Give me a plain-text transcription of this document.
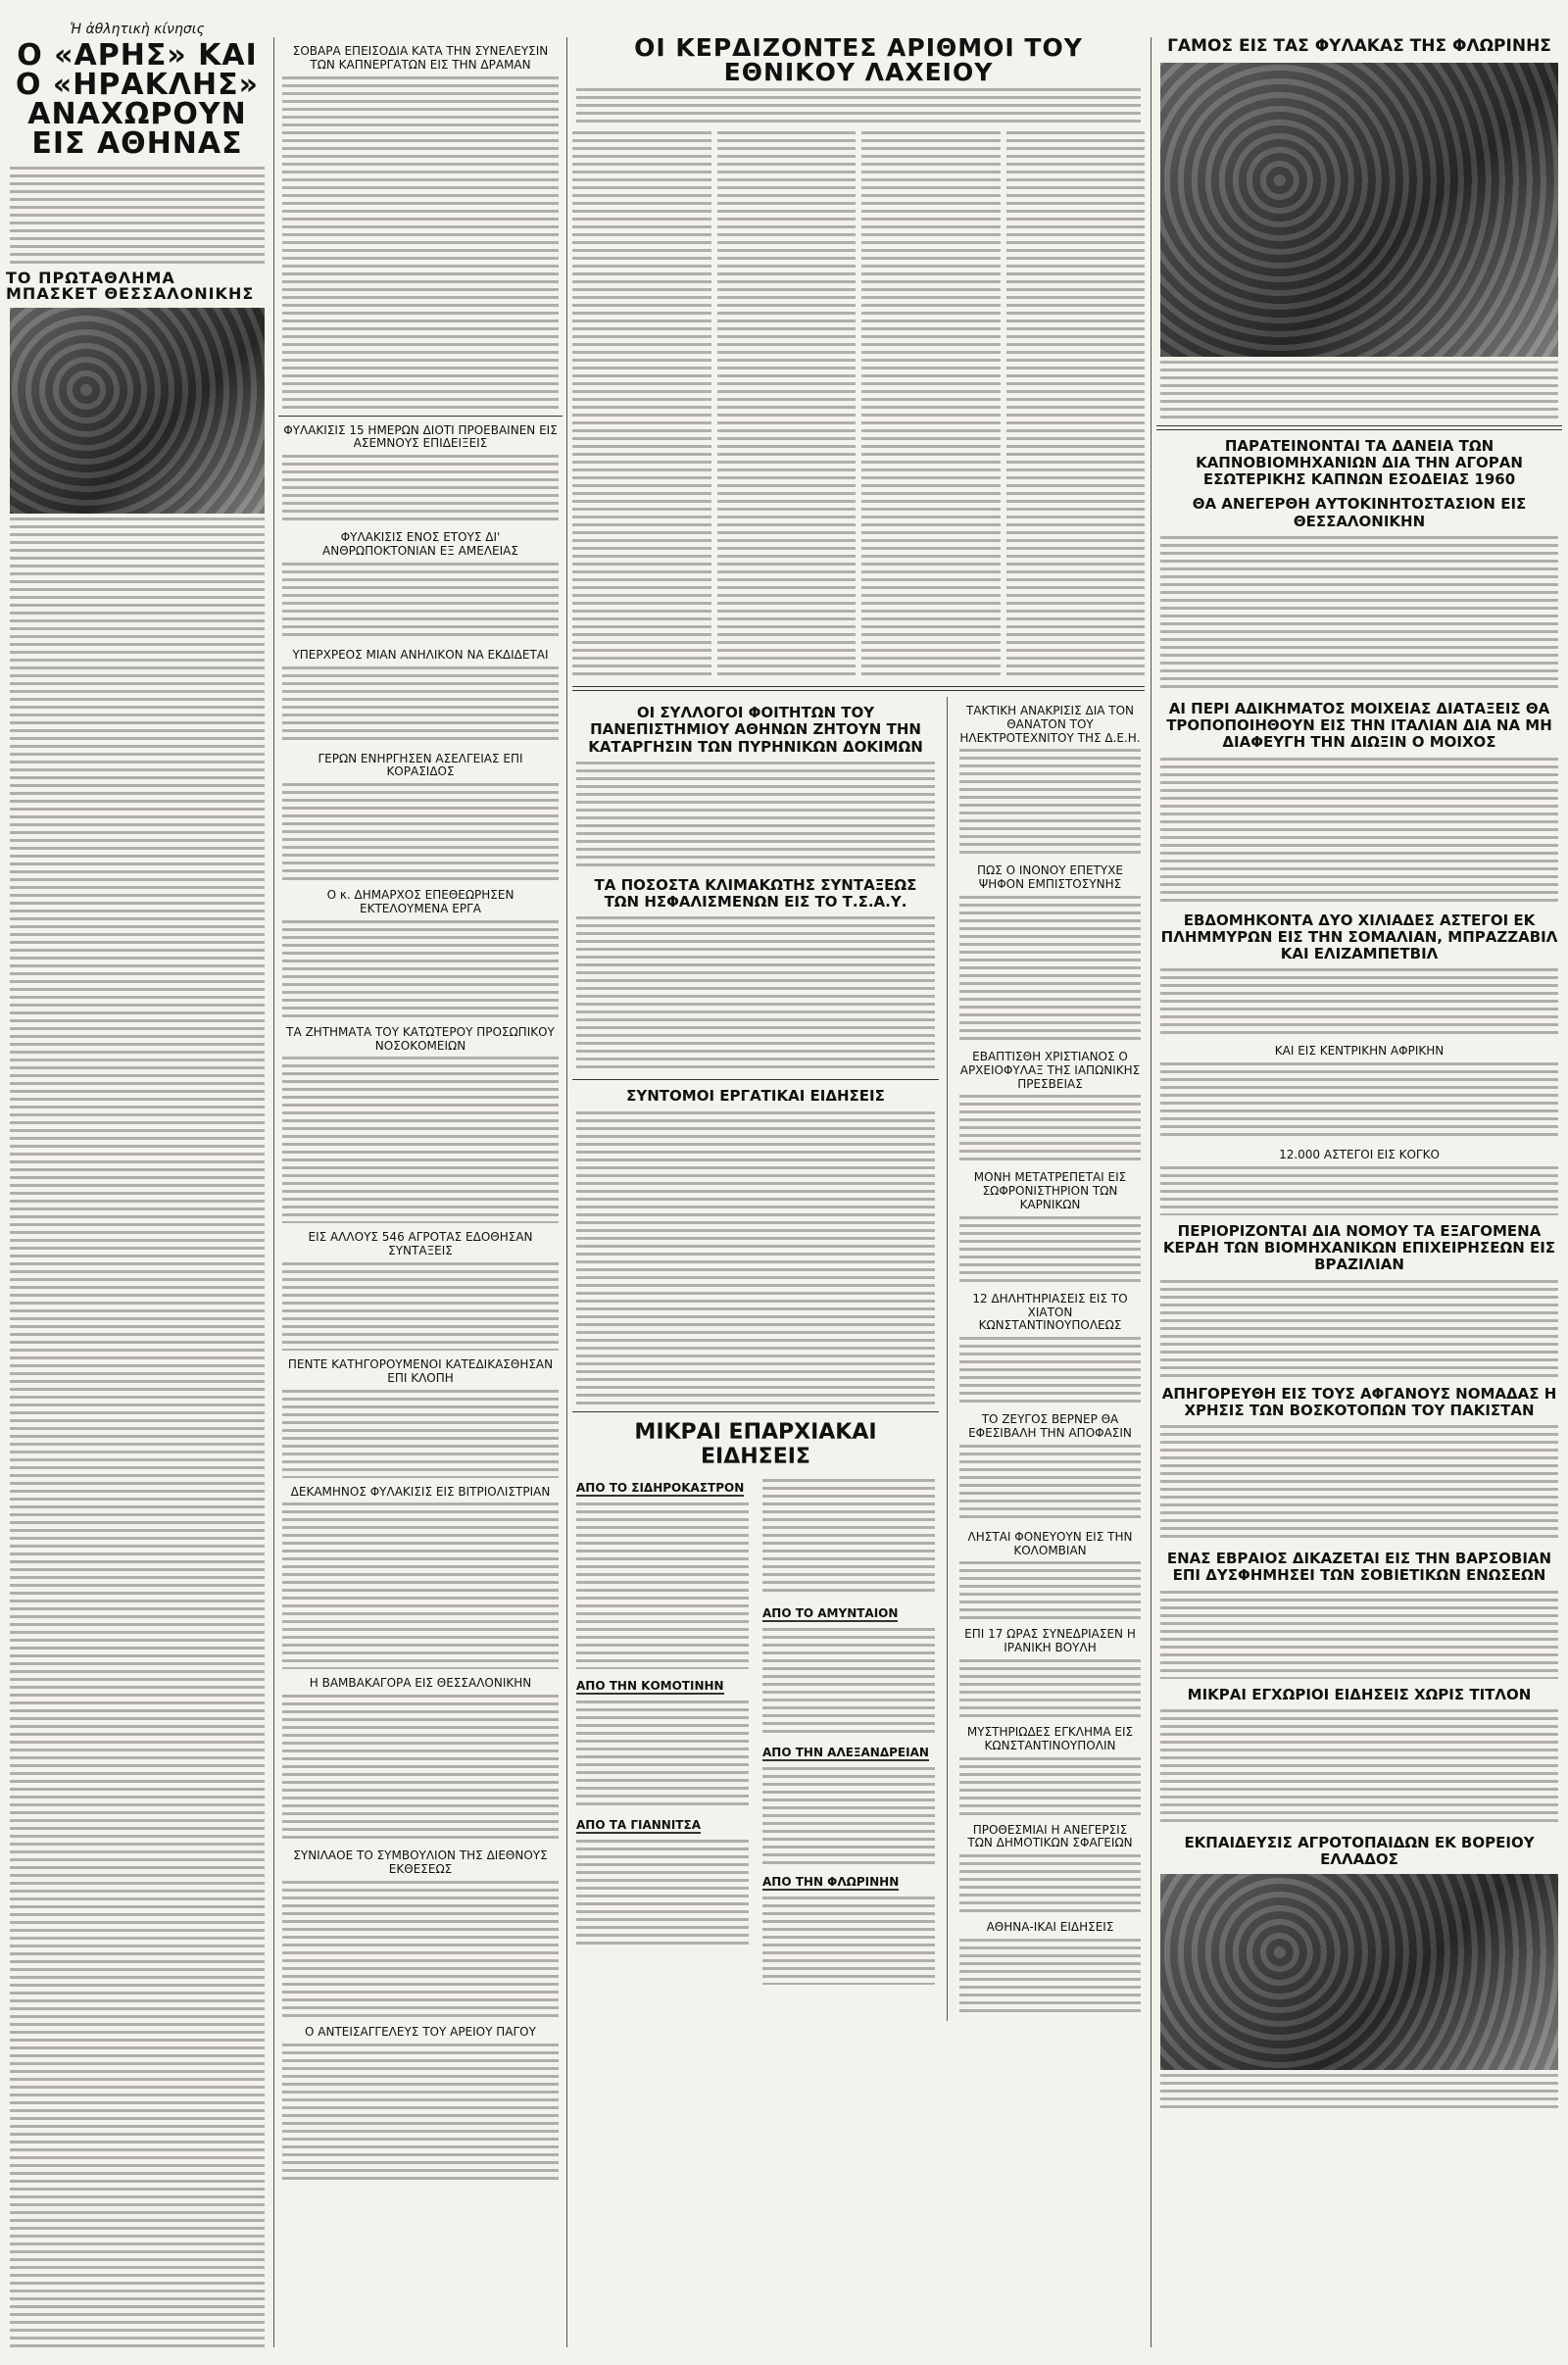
Ἡ ἀθλητικὴ κίνησις
Ο «ΑΡΗΣ» ΚΑΙ Ο «ΗΡΑΚΛΗΣ» ΑΝΑΧΩΡΟΥΝ ΕΙΣ ΑΘΗΝΑΣ
ΤΟ ΠΡΩΤΑΘΛΗΜΑ ΜΠΑΣΚΕΤ ΘΕΣΣΑΛΟΝΙΚΗΣ
ΣΟΒΑΡΑ ΕΠΕΙΣΟΔΙΑ ΚΑΤΑ ΤΗΝ ΣΥΝΕΛΕΥΣΙΝ ΤΩΝ ΚΑΠΝΕΡΓΑΤΩΝ ΕΙΣ ΤΗΝ ΔΡΑΜΑΝ
ΦΥΛΑΚΙΣΙΣ 15 ΗΜΕΡΩΝ ΔΙΟΤΙ ΠΡΟΕΒΑΙΝΕΝ ΕΙΣ ΑΣΕΜΝΟΥΣ ΕΠΙΔΕΙΞΕΙΣ
ΦΥΛΑΚΙΣΙΣ ΕΝΟΣ ΕΤΟΥΣ ΔΙ' ΑΝΘΡΩΠΟΚΤΟΝΙΑΝ ΕΞ ΑΜΕΛΕΙΑΣ
ΥΠΕΡΧΡΕΟΣ ΜΙΑΝ ΑΝΗΛΙΚΟΝ ΝΑ ΕΚΔΙΔΕΤΑΙ
ΓΕΡΩΝ ΕΝΗΡΓΗΣΕΝ ΑΣΕΛΓΕΙΑΣ ΕΠΙ ΚΟΡΑΣΙΔΟΣ
Ο κ. ΔΗΜΑΡΧΟΣ ΕΠΕΘΕΩΡΗΣΕΝ ΕΚΤΕΛΟΥΜΕΝΑ ΕΡΓΑ
ΤΑ ΖΗΤΗΜΑΤΑ ΤΟΥ ΚΑΤΩΤΕΡΟΥ ΠΡΟΣΩΠΙΚΟΥ ΝΟΣΟΚΟΜΕΙΩΝ
ΕΙΣ ΑΛΛΟΥΣ 546 ΑΓΡΟΤΑΣ ΕΔΟΘΗΣΑΝ ΣΥΝΤΑΞΕΙΣ
ΠΕΝΤΕ ΚΑΤΗΓΟΡΟΥΜΕΝΟΙ ΚΑΤΕΔΙΚΑΣΘΗΣΑΝ ΕΠΙ ΚΛΟΠΗ
ΔΕΚΑΜΗΝΟΣ ΦΥΛΑΚΙΣΙΣ ΕΙΣ ΒΙΤΡΙΟΛΙΣΤΡΙΑΝ
Η ΒΑΜΒΑΚΑΓΟΡΑ ΕΙΣ ΘΕΣΣΑΛΟΝΙΚΗΝ
ΣΥΝΙΛΑΟΕ ΤΟ ΣΥΜΒΟΥΛΙΟΝ ΤΗΣ ΔΙΕΘΝΟΥΣ ΕΚΘΕΣΕΩΣ
Ο ΑΝΤΕΙΣΑΓΓΕΛΕΥΣ ΤΟΥ ΑΡΕΙΟΥ ΠΑΓΟΥ
ΟΙ ΚΕΡΔΙΖΟΝΤΕΣ ΑΡΙΘΜΟΙ ΤΟΥ ΕΘΝΙΚΟΥ ΛΑΧΕΙΟΥ
ΟΙ ΣΥΛΛΟΓΟΙ ΦΟΙΤΗΤΩΝ ΤΟΥ ΠΑΝΕΠΙΣΤΗΜΙΟΥ ΑΘΗΝΩΝ ΖΗΤΟΥΝ ΤΗΝ ΚΑΤΑΡΓΗΣΙΝ ΤΩΝ ΠΥΡΗΝΙΚΩΝ ΔΟΚΙΜΩΝ
ΤΑ ΠΟΣΟΣΤΑ ΚΛΙΜΑΚΩΤΗΣ ΣΥΝΤΑΞΕΩΣ ΤΩΝ ΗΣΦΑΛΙΣΜΕΝΩΝ ΕΙΣ ΤΟ Τ.Σ.Α.Υ.
ΣΥΝΤΟΜΟΙ ΕΡΓΑΤΙΚΑΙ ΕΙΔΗΣΕΙΣ
ΜΙΚΡΑΙ ΕΠΑΡΧΙΑΚΑΙ ΕΙΔΗΣΕΙΣ
ΑΠΟ ΤΟ ΣΙΔΗΡΟΚΑΣΤΡΟΝ
ΑΠΟ ΤΗΝ ΚΟΜΟΤΙΝΗΝ
ΑΠΟ ΤΑ ΓΙΑΝΝΙΤΣΑ
ΑΠΟ ΤΟ ΑΜΥΝΤΑΙΟΝ
ΑΠΟ ΤΗΝ ΑΛΕΞΑΝΔΡΕΙΑΝ
ΑΠΟ ΤΗΝ ΦΛΩΡΙΝΗΝ
ΤΑΚΤΙΚΗ ΑΝΑΚΡΙΣΙΣ ΔΙΑ ΤΟΝ ΘΑΝΑΤΟΝ ΤΟΥ ΗΛΕΚΤΡΟΤΕΧΝΙΤΟΥ ΤΗΣ Δ.Ε.Η.
ΠΩΣ Ο ΙΝΟΝΟΥ ΕΠΕΤΥΧΕ ΨΗΦΟΝ ΕΜΠΙΣΤΟΣΥΝΗΣ
ΕΒΑΠΤΙΣΘΗ ΧΡΙΣΤΙΑΝΟΣ Ο ΑΡΧΕΙΟΦΥΛΑΞ ΤΗΣ ΙΑΠΩΝΙΚΗΣ ΠΡΕΣΒΕΙΑΣ
ΜΟΝΗ ΜΕΤΑΤΡΕΠΕΤΑΙ ΕΙΣ ΣΩΦΡΟΝΙΣΤΗΡΙΟΝ ΤΩΝ ΚΑΡΝΙΚΩΝ
12 ΔΗΛΗΤΗΡΙΑΣΕΙΣ ΕΙΣ ΤΟ ΧΙΑΤΟΝ ΚΩΝΣΤΑΝΤΙΝΟΥΠΟΛΕΩΣ
ΤΟ ΖΕΥΓΟΣ ΒΕΡΝΕΡ ΘΑ ΕΦΕΣΙΒΑΛΗ ΤΗΝ ΑΠΟΦΑΣΙΝ
ΛΗΣΤΑΙ ΦΟΝΕΥΟΥΝ ΕΙΣ ΤΗΝ ΚΟΛΟΜΒΙΑΝ
ΕΠΙ 17 ΩΡΑΣ ΣΥΝΕΔΡΙΑΣΕΝ Η ΙΡΑΝΙΚΗ ΒΟΥΛΗ
ΜΥΣΤΗΡΙΩΔΕΣ ΕΓΚΛΗΜΑ ΕΙΣ ΚΩΝΣΤΑΝΤΙΝΟΥΠΟΛΙΝ
ΠΡΟΘΕΣΜΙΑΙ Η ΑΝΕΓΕΡΣΙΣ ΤΩΝ ΔΗΜΟΤΙΚΩΝ ΣΦΑΓΕΙΩΝ
ΑΘΗΝΑ-ΙΚΑΙ ΕΙΔΗΣΕΙΣ
ΓΑΜΟΣ ΕΙΣ ΤΑΣ ΦΥΛΑΚΑΣ ΤΗΣ ΦΛΩΡΙΝΗΣ
ΠΑΡΑΤΕΙΝΟΝΤΑΙ ΤΑ ΔΑΝΕΙΑ ΤΩΝ ΚΑΠΝΟΒΙΟΜΗΧΑΝΙΩΝ ΔΙΑ ΤΗΝ ΑΓΟΡΑΝ ΕΣΩΤΕΡΙΚΗΣ ΚΑΠΝΩΝ ΕΣΟΔΕΙΑΣ 1960
ΘΑ ΑΝΕΓΕΡΘΗ ΑΥΤΟΚΙΝΗΤΟΣΤΑΣΙΟΝ ΕΙΣ ΘΕΣΣΑΛΟΝΙΚΗΝ
ΑΙ ΠΕΡΙ ΑΔΙΚΗΜΑΤΟΣ ΜΟΙΧΕΙΑΣ ΔΙΑΤΑΞΕΙΣ ΘΑ ΤΡΟΠΟΠΟΙΗΘΟΥΝ ΕΙΣ ΤΗΝ ΙΤΑΛΙΑΝ ΔΙΑ ΝΑ ΜΗ ΔΙΑΦΕΥΓΗ ΤΗΝ ΔΙΩΞΙΝ Ο ΜΟΙΧΟΣ
ΕΒΔΟΜΗΚΟΝΤΑ ΔΥΟ ΧΙΛΙΑΔΕΣ ΑΣΤΕΓΟΙ ΕΚ ΠΛΗΜΜΥΡΩΝ ΕΙΣ ΤΗΝ ΣΟΜΑΛΙΑΝ, ΜΠΡΑΖΖΑΒΙΛ ΚΑΙ ΕΛΙΖΑΜΠΕΤΒΙΛ
ΚΑΙ ΕΙΣ ΚΕΝΤΡΙΚΗΝ ΑΦΡΙΚΗΝ
12.000 ΑΣΤΕΓΟΙ ΕΙΣ ΚΟΓΚΟ
ΠΕΡΙΟΡΙΖΟΝΤΑΙ ΔΙΑ ΝΟΜΟΥ ΤΑ ΕΞΑΓΟΜΕΝΑ ΚΕΡΔΗ ΤΩΝ ΒΙΟΜΗΧΑΝΙΚΩΝ ΕΠΙΧΕΙΡΗΣΕΩΝ ΕΙΣ ΒΡΑΖΙΛΙΑΝ
ΑΠΗΓΟΡΕΥΘΗ ΕΙΣ ΤΟΥΣ ΑΦΓΑΝΟΥΣ ΝΟΜΑΔΑΣ Η ΧΡΗΣΙΣ ΤΩΝ ΒΟΣΚΟΤΟΠΩΝ ΤΟΥ ΠΑΚΙΣΤΑΝ
ΕΝΑΣ ΕΒΡΑΙΟΣ ΔΙΚΑΖΕΤΑΙ ΕΙΣ ΤΗΝ ΒΑΡΣΟΒΙΑΝ ΕΠΙ ΔΥΣΦΗΜΗΣΕΙ ΤΩΝ ΣΟΒΙΕΤΙΚΩΝ ΕΝΩΣΕΩΝ
ΜΙΚΡΑΙ ΕΓΧΩΡΙΟΙ ΕΙΔΗΣΕΙΣ ΧΩΡΙΣ ΤΙΤΛΟΝ
ΕΚΠΑΙΔΕΥΣΙΣ ΑΓΡΟΤΟΠΑΙΔΩΝ ΕΚ ΒΟΡΕΙΟΥ ΕΛΛΑΔΟΣ
